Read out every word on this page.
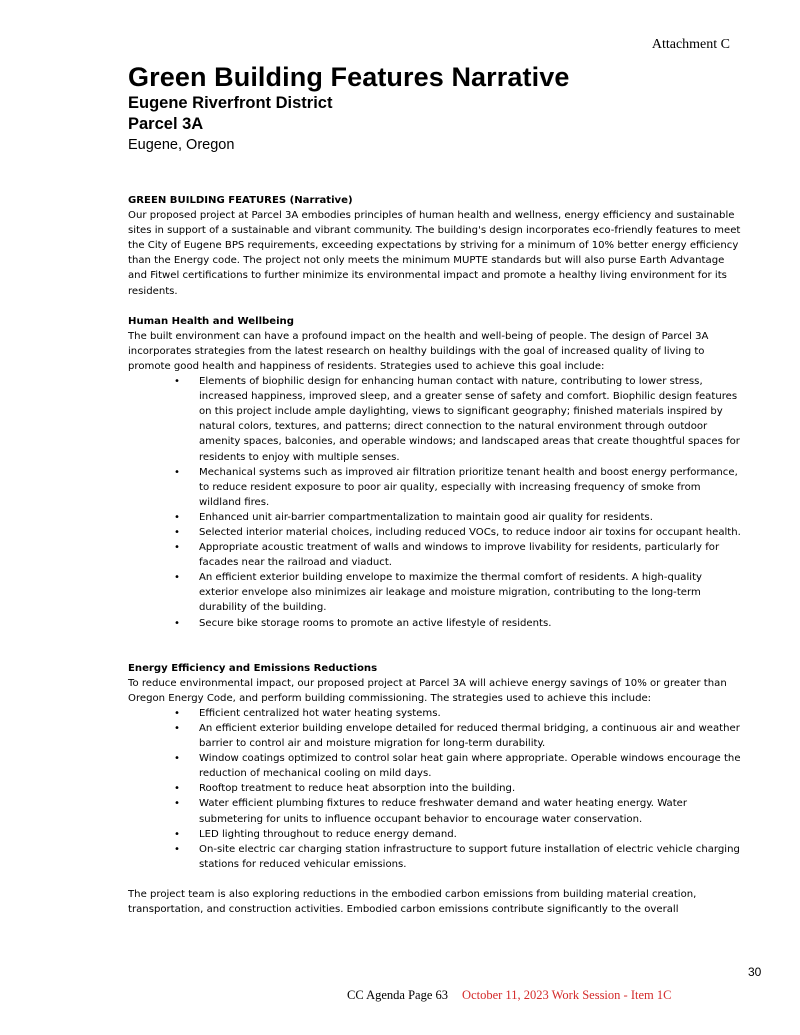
Attachment C
Green Building Features Narrative
Eugene Riverfront District
Parcel 3A
Eugene, Oregon
GREEN BUILDING FEATURES (Narrative)

Our proposed project at Parcel 3A embodies principles of human health and wellness, energy efficiency and sustainable sites in support of a sustainable and vibrant community. The building's design incorporates eco-friendly features to meet the City of Eugene BPS requirements, exceeding expectations by striving for a minimum of 10% better energy efficiency than the Energy code. The project not only meets the minimum MUPTE standards but will also purse Earth Advantage and Fitwel certifications to further minimize its environmental impact and promote a healthy living environment for its residents.

Human Health and Wellbeing

The built environment can have a profound impact on the health and well-being of people. The design of Parcel 3A incorporates strategies from the latest research on healthy buildings with the goal of increased quality of living to promote good health and happiness of residents. Strategies used to achieve this goal include:

• Elements of biophilic design for enhancing human contact with nature, contributing to lower stress, increased happiness, improved sleep, and a greater sense of safety and comfort. Biophilic design features on this project include ample daylighting, views to significant geography; finished materials inspired by natural colors, textures, and patterns; direct connection to the natural environment through outdoor amenity spaces, balconies, and operable windows; and landscaped areas that create thoughtful spaces for residents to enjoy with multiple senses.
• Mechanical systems such as improved air filtration prioritize tenant health and boost energy performance, to reduce resident exposure to poor air quality, especially with increasing frequency of smoke from wildland fires.
• Enhanced unit air-barrier compartmentalization to maintain good air quality for residents.
• Selected interior material choices, including reduced VOCs, to reduce indoor air toxins for occupant health.
• Appropriate acoustic treatment of walls and windows to improve livability for residents, particularly for facades near the railroad and viaduct.
• An efficient exterior building envelope to maximize the thermal comfort of residents. A high-quality exterior envelope also minimizes air leakage and moisture migration, contributing to the long-term durability of the building.
• Secure bike storage rooms to promote an active lifestyle of residents.
Energy Efficiency and Emissions Reductions

To reduce environmental impact, our proposed project at Parcel 3A will achieve energy savings of 10% or greater than Oregon Energy Code, and perform building commissioning. The strategies used to achieve this include:

• Efficient centralized hot water heating systems.
• An efficient exterior building envelope detailed for reduced thermal bridging, a continuous air and weather barrier to control air and moisture migration for long-term durability.
• Window coatings optimized to control solar heat gain where appropriate. Operable windows encourage the reduction of mechanical cooling on mild days.
• Rooftop treatment to reduce heat absorption into the building.
• Water efficient plumbing fixtures to reduce freshwater demand and water heating energy. Water submetering for units to influence occupant behavior to encourage water conservation.
• LED lighting throughout to reduce energy demand.
• On-site electric car charging station infrastructure to support future installation of electric vehicle charging stations for reduced vehicular emissions.

The project team is also exploring reductions in the embodied carbon emissions from building material creation, transportation, and construction activities. Embodied carbon emissions contribute significantly to the overall

30
CC Agenda Page 63 October 11, 2023 Work Session - Item 1C
